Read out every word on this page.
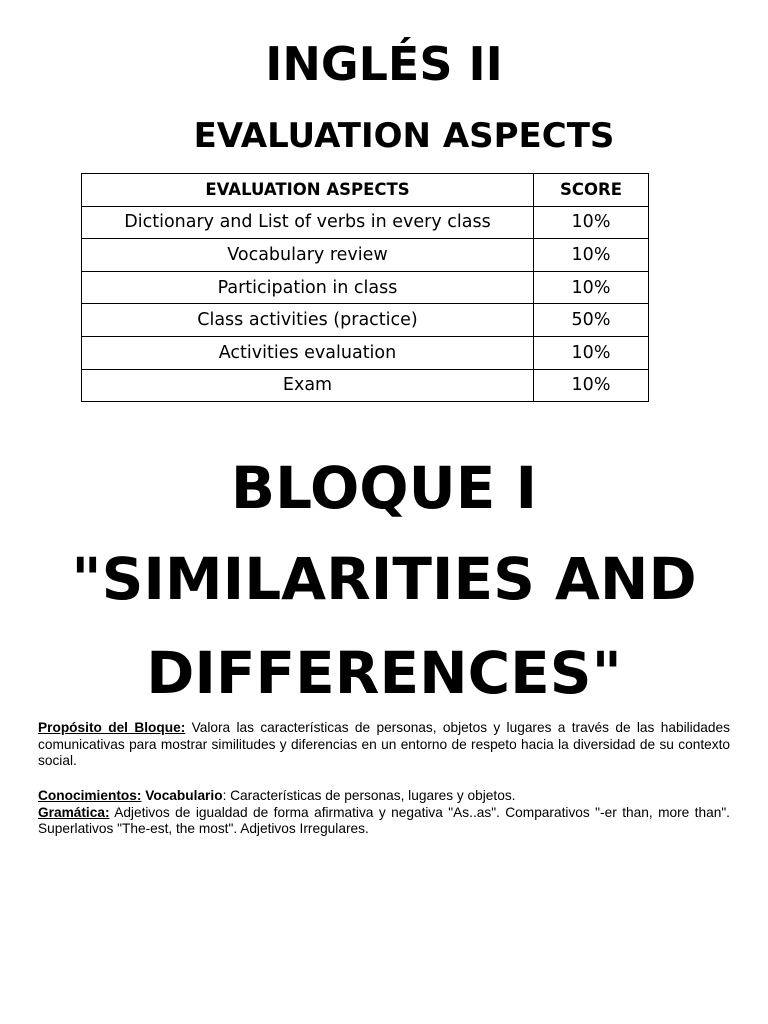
INGLÉS II
EVALUATION ASPECTS
EVALUATION ASPECTS	SCORE
Dictionary and List of verbs in every class	10%
Vocabulary review	10%
Participation in class	10%
Class activities (practice)	50%
Activities evaluation	10%
Exam	10%
BLOQUE I
"SIMILARITIES AND
DIFFERENCES"
Propósito del Bloque: Valora las características de personas, objetos y lugares a través de las habilidades comunicativas para mostrar similitudes y diferencias en un entorno de respeto hacia la diversidad de su contexto social.
Conocimientos: Vocabulario: Características de personas, lugares y objetos.
Gramática: Adjetivos de igualdad de forma afirmativa y negativa "As..as". Comparativos "-er than, more than". Superlativos "The-est, the most". Adjetivos Irregulares.
